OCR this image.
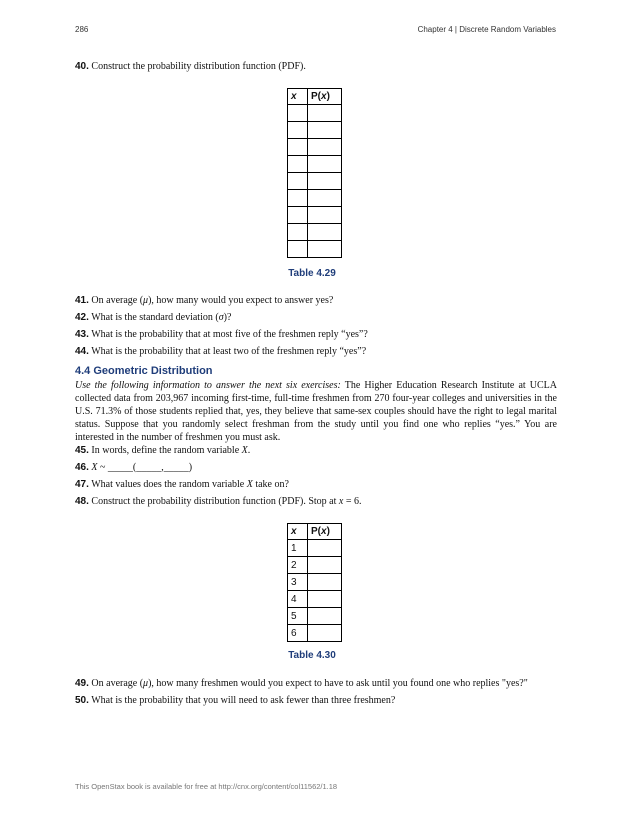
286	Chapter 4 | Discrete Random Variables
40. Construct the probability distribution function (PDF).
x	P(x)

Table 4.29
41. On average (μ), how many would you expect to answer yes?
42. What is the standard deviation (σ)?
43. What is the probability that at most five of the freshmen reply “yes”?
44. What is the probability that at least two of the freshmen reply “yes”?
4.4 Geometric Distribution
Use the following information to answer the next six exercises: The Higher Education Research Institute at UCLA collected data from 203,967 incoming first-time, full-time freshmen from 270 four-year colleges and universities in the U.S. 71.3% of those students replied that, yes, they believe that same-sex couples should have the right to legal marital status. Suppose that you randomly select freshman from the study until you find one who replies “yes.” You are interested in the number of freshmen you must ask.
45. In words, define the random variable X.
46. X ~ _____(_____,_____)
47. What values does the random variable X take on?
48. Construct the probability distribution function (PDF). Stop at x = 6.
x	P(x)
1	
2	
3	
4	
5	
6	
Table 4.30
49. On average (μ), how many freshmen would you expect to have to ask until you found one who replies "yes?"
50. What is the probability that you will need to ask fewer than three freshmen?
This OpenStax book is available for free at http://cnx.org/content/col11562/1.18
